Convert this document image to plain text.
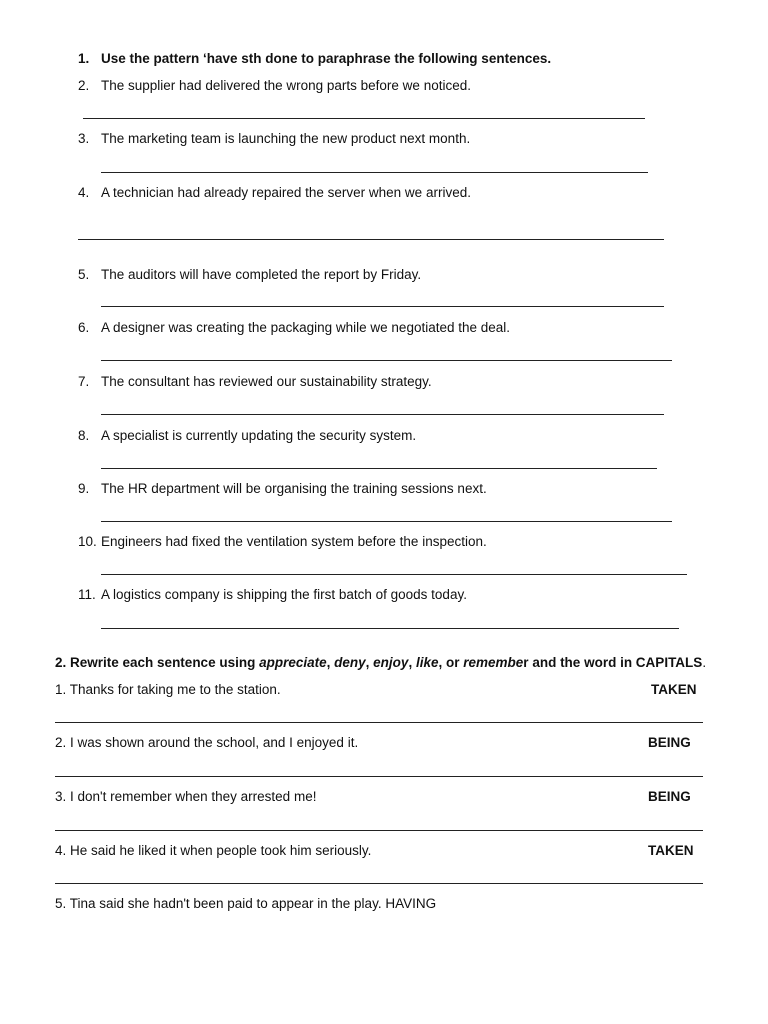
1. Use the pattern ‘have sth done to paraphrase the following sentences.
2. The supplier had delivered the wrong parts before we noticed.
3. The marketing team is launching the new product next month.
4. A technician had already repaired the server when we arrived.
5. The auditors will have completed the report by Friday.
6. A designer was creating the packaging while we negotiated the deal.
7. The consultant has reviewed our sustainability strategy.
8. A specialist is currently updating the security system.
9. The HR department will be organising the training sessions next.
10. Engineers had fixed the ventilation system before the inspection.
11. A logistics company is shipping the first batch of goods today.
2. Rewrite each sentence using appreciate, deny, enjoy, like, or remember and the word in CAPITALS.
1. Thanks for taking me to the station.	TAKEN
2. I was shown around the school, and I enjoyed it.	BEING
3. I don't remember when they arrested me!	BEING
4. He said he liked it when people took him seriously.	TAKEN
5. Tina said she hadn't been paid to appear in the play. HAVING
